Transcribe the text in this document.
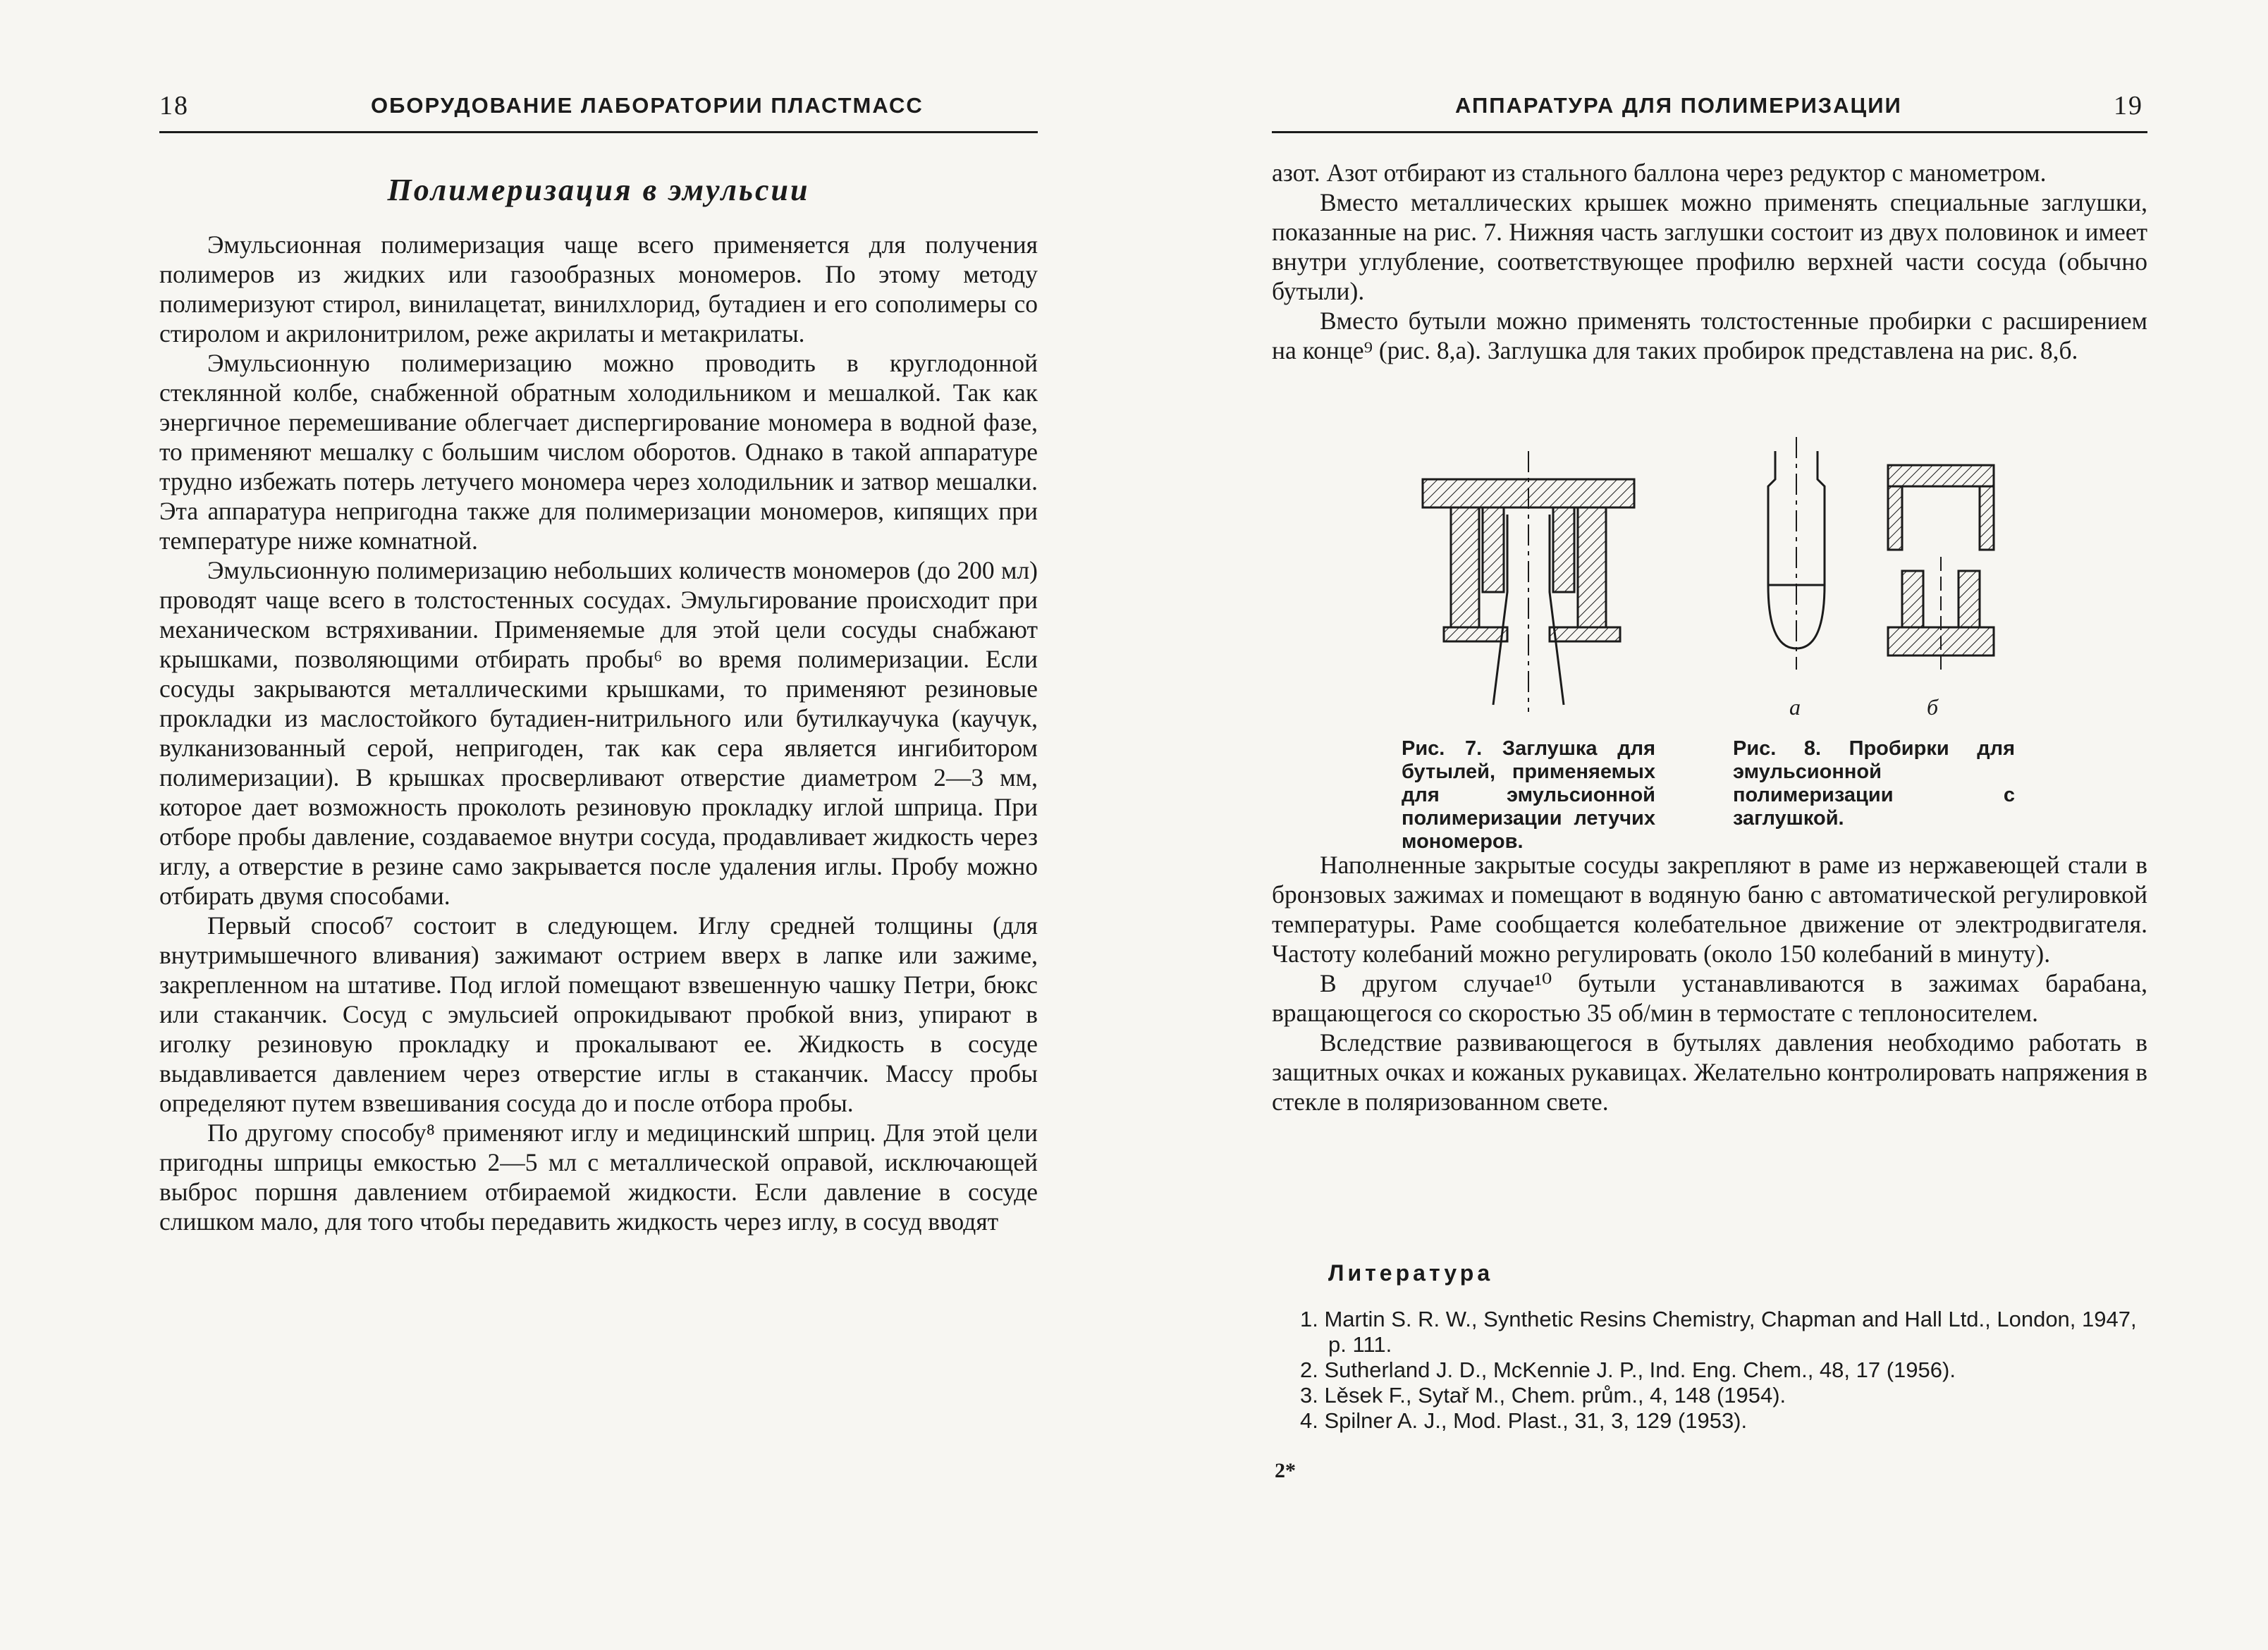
18	ОБОРУДОВАНИЕ ЛАБОРАТОРИИ ПЛАСТМАСС
Полимеризация в эмульсии

Эмульсионная полимеризация чаще всего применяется для получения полимеров из жидких или газообразных мономеров. По этому методу полимеризуют стирол, винилацетат, винилхлорид, бутадиен и его сополимеры со стиролом и акрилонитрилом, реже акрилаты и метакрилаты.

Эмульсионную полимеризацию можно проводить в круглодонной стеклянной колбе, снабженной обратным холодильником и мешалкой. Так как энергичное перемешивание облегчает диспергирование мономера в водной фазе, то применяют мешалку с большим числом оборотов. Однако в такой аппаратуре трудно избежать потерь летучего мономера через холодильник и затвор мешалки. Эта аппаратура непригодна также для полимеризации мономеров, кипящих при температуре ниже комнатной.

Эмульсионную полимеризацию небольших количеств мономеров (до 200 мл) проводят чаще всего в толстостенных сосудах. Эмульгирование происходит при механическом встряхивании. Применяемые для этой цели сосуды снабжают крышками, позволяющими отбирать пробы⁶ во время полимеризации. Если сосуды закрываются металлическими крышками, то применяют резиновые прокладки из маслостойкого бутадиен-нитрильного или бутилкаучука (каучук, вулканизованный серой, непригоден, так как сера является ингибитором полимеризации). В крышках просверливают отверстие диаметром 2—3 мм, которое дает возможность проколоть резиновую прокладку иглой шприца. При отборе пробы давление, создаваемое внутри сосуда, продавливает жидкость через иглу, а отверстие в резине само закрывается после удаления иглы. Пробу можно отбирать двумя способами.

Первый способ⁷ состоит в следующем. Иглу средней толщины (для внутримышечного вливания) зажимают острием вверх в лапке или зажиме, закрепленном на штативе. Под иглой помещают взвешенную чашку Петри, бюкс или стаканчик. Сосуд с эмульсией опрокидывают пробкой вниз, упирают в иголку резиновую прокладку и прокалывают ее. Жидкость в сосуде выдавливается давлением через отверстие иглы в стаканчик. Массу пробы определяют путем взвешивания сосуда до и после отбора пробы.

По другому способу⁸ применяют иглу и медицинский шприц. Для этой цели пригодны шприцы емкостью 2—5 мл с металлической оправой, исключающей выброс поршня давлением отбираемой жидкости. Если давление в сосуде слишком мало, для того чтобы передавить жидкость через иглу, в сосуд вводят

АППАРАТУРА ДЛЯ ПОЛИМЕРИЗАЦИИ	19

азот. Азот отбирают из стального баллона через редуктор с манометром.

Вместо металлических крышек можно применять специальные заглушки, показанные на рис. 7. Нижняя часть заглушки состоит из двух половинок и имеет внутри углубление, соответствующее профилю верхней части сосуда (обычно бутыли).

Вместо бутыли можно применять толстостенные пробирки с расширением на конце⁹ (рис. 8,а). Заглушка для таких пробирок представлена на рис. 8,б.

а	б
Рис. 7. Заглушка для бутылей, применяемых для эмульсионной полимеризации летучих мономеров.
Рис. 8. Пробирки для эмульсионной полимеризации с заглушкой.

Наполненные закрытые сосуды закрепляют в раме из нержавеющей стали в бронзовых зажимах и помещают в водяную баню с автоматической регулировкой температуры. Раме сообщается колебательное движение от электродвигателя. Частоту колебаний можно регулировать (около 150 колебаний в минуту).

В другом случае¹⁰ бутыли устанавливаются в зажимах барабана, вращающегося со скоростью 35 об/мин в термостате с теплоносителем.

Вследствие развивающегося в бутылях давления необходимо работать в защитных очках и кожаных рукавицах. Желательно контролировать напряжения в стекле в поляризованном свете.

Литература
1. Martin S. R. W., Synthetic Resins Chemistry, Chapman and Hall Ltd., London, 1947, p. 111.
2. Sutherland J. D., McKennie J. P., Ind. Eng. Chem., 48, 17 (1956).
3. Lěsek F., Sytař M., Chem. prům., 4, 148 (1954).
4. Spilner A. J., Mod. Plast., 31, 3, 129 (1953).
2*
